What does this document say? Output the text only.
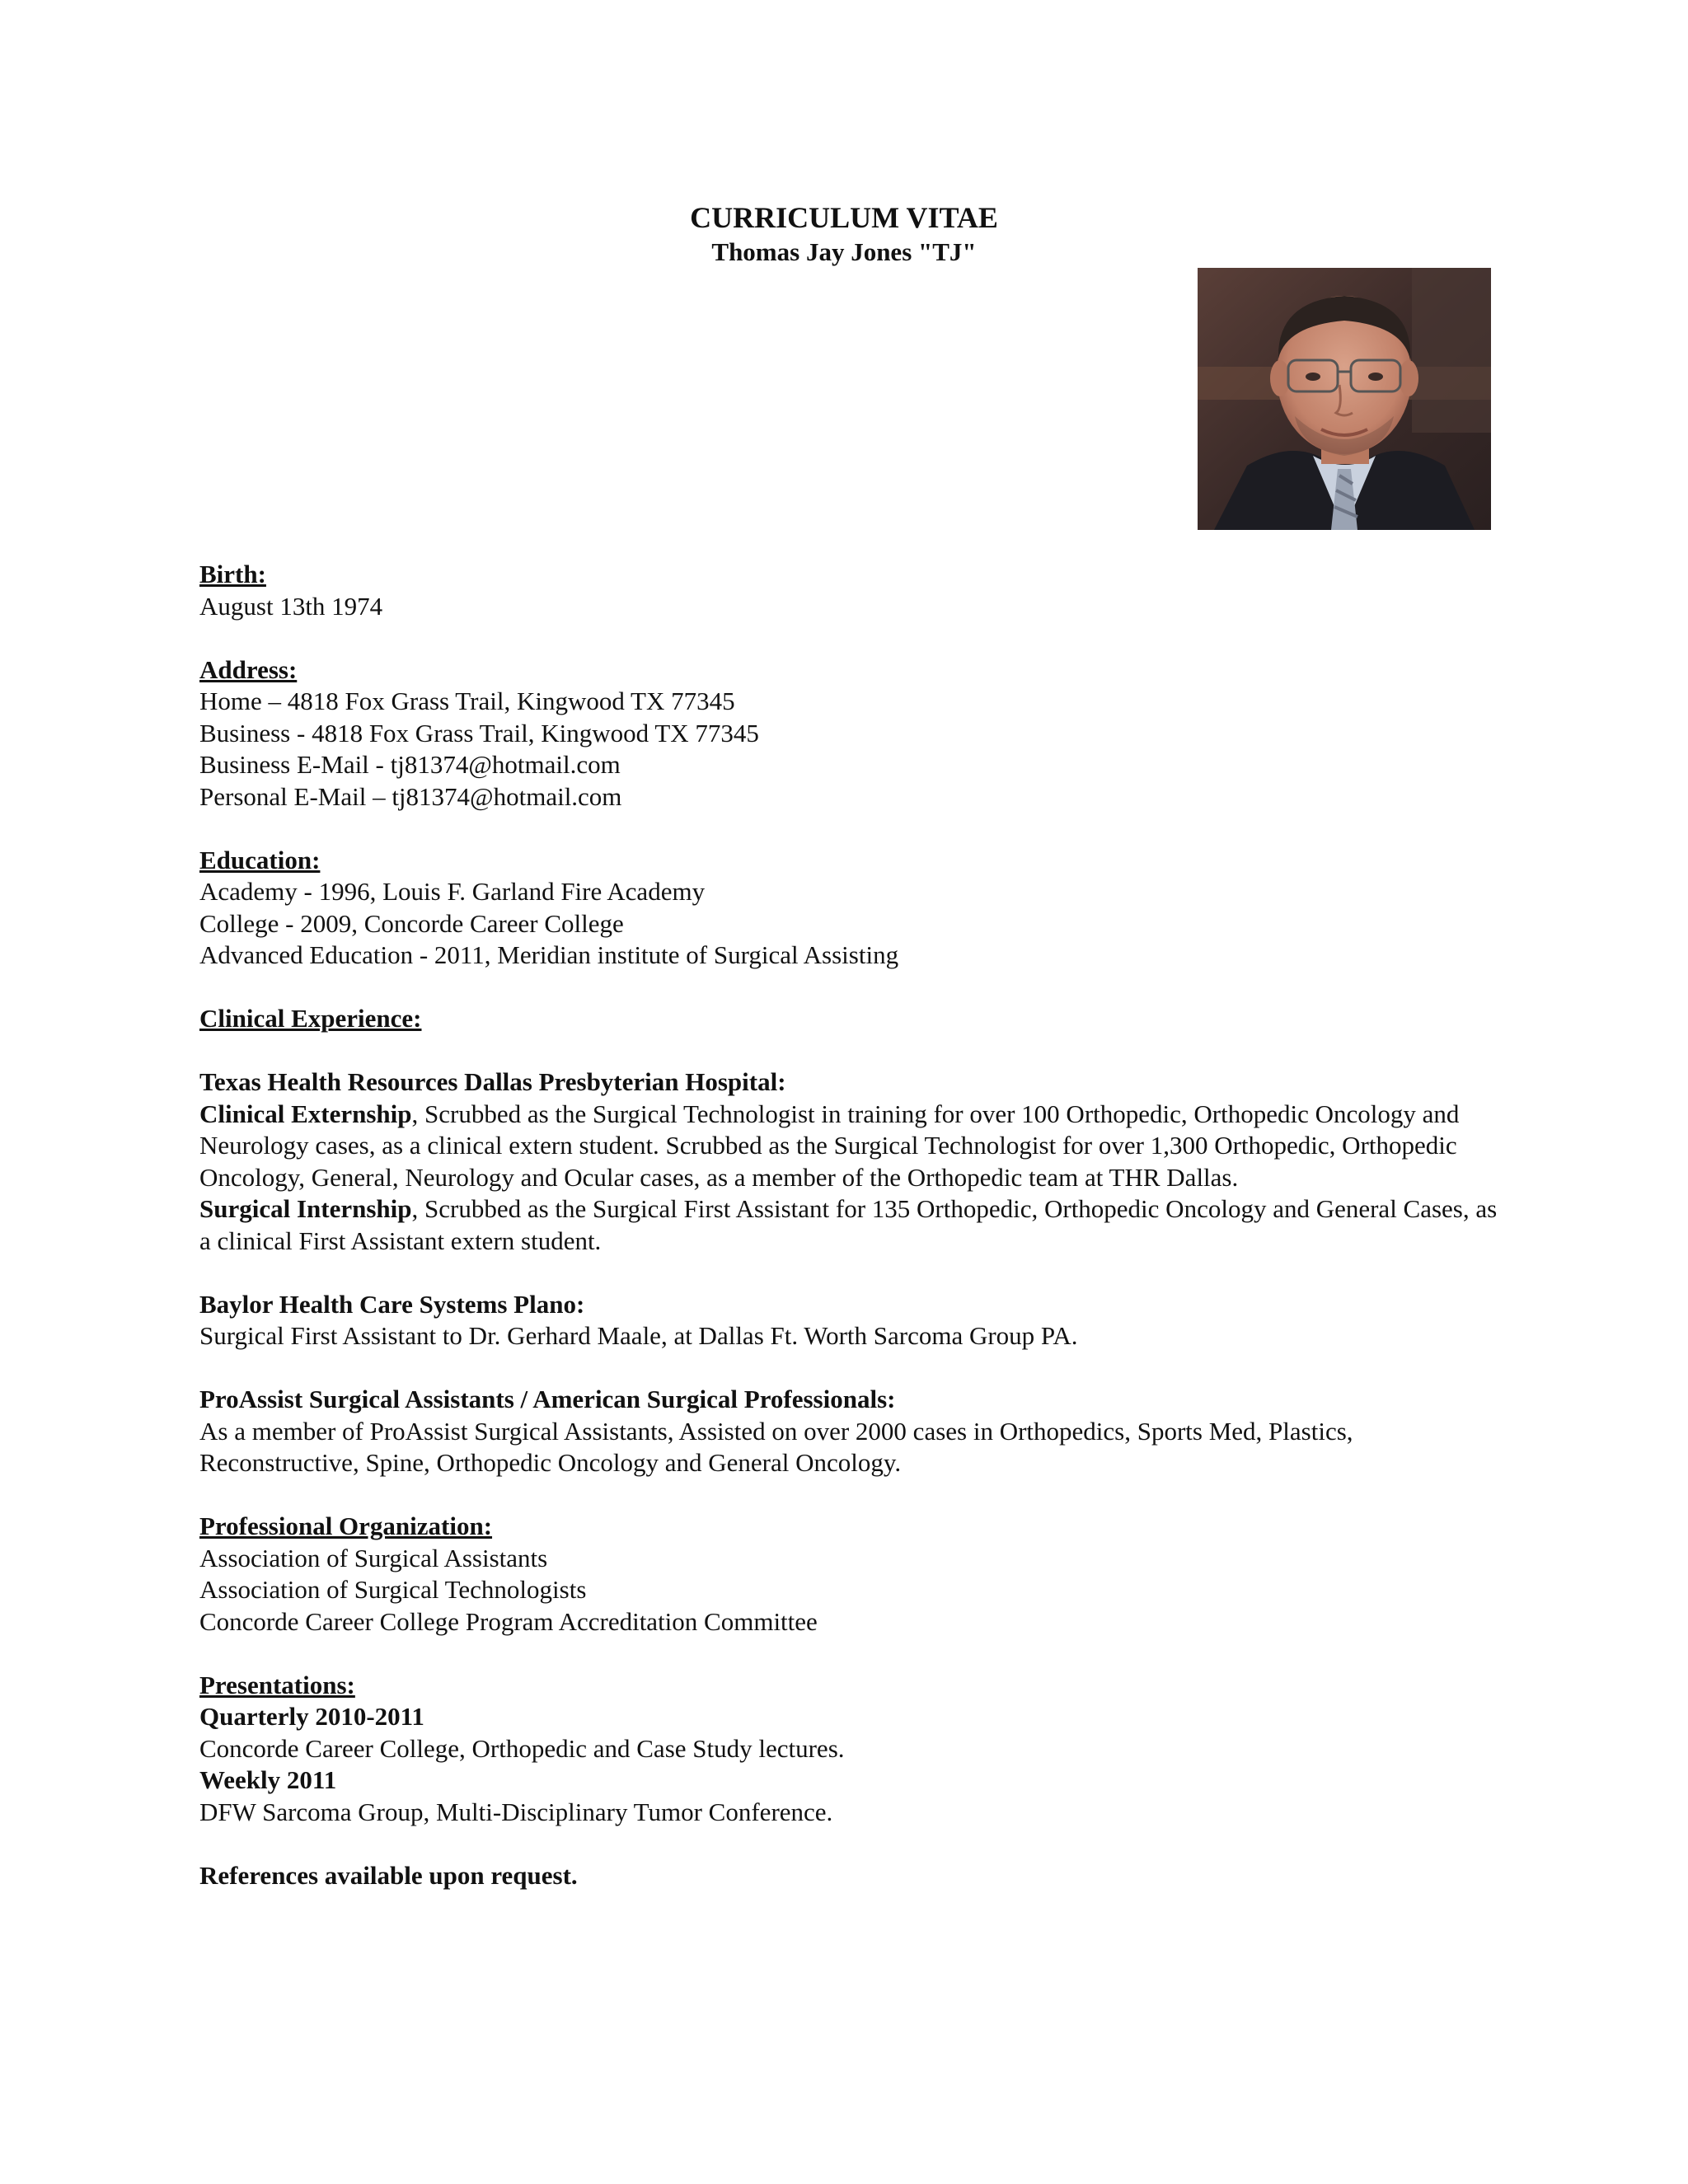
CURRICULUM VITAE
Thomas Jay Jones "TJ"

Birth:

August 13th 1974

Address:

Home – 4818 Fox Grass Trail, Kingwood TX 77345

Business - 4818 Fox Grass Trail, Kingwood TX 77345

Business E-Mail - tj81374@hotmail.com

Personal E-Mail – tj81374@hotmail.com

Education:

Academy - 1996, Louis F. Garland Fire Academy

College - 2009, Concorde Career College

Advanced Education - 2011, Meridian institute of Surgical Assisting

Clinical Experience:

Texas Health Resources Dallas Presbyterian Hospital:

Clinical Externship, Scrubbed as the Surgical Technologist in training for over 100 Orthopedic, Orthopedic Oncology and Neurology cases, as a clinical extern student. Scrubbed as the Surgical Technologist for over 1,300 Orthopedic, Orthopedic Oncology, General, Neurology and Ocular cases, as a member of the Orthopedic team at THR Dallas.

Surgical Internship, Scrubbed as the Surgical First Assistant for 135 Orthopedic, Orthopedic Oncology and General Cases, as a clinical First Assistant extern student.

Baylor Health Care Systems Plano:

Surgical First Assistant to Dr. Gerhard Maale, at Dallas Ft. Worth Sarcoma Group PA.

ProAssist Surgical Assistants / American Surgical Professionals:

As a member of ProAssist Surgical Assistants, Assisted on over 2000 cases in Orthopedics, Sports Med, Plastics, Reconstructive, Spine, Orthopedic Oncology and General Oncology.

Professional Organization:

Association of Surgical Assistants

Association of Surgical Technologists

Concorde Career College Program Accreditation Committee

Presentations:

Quarterly 2010-2011

Concorde Career College, Orthopedic and Case Study lectures.

Weekly 2011

DFW Sarcoma Group, Multi-Disciplinary Tumor Conference.

References available upon request.
